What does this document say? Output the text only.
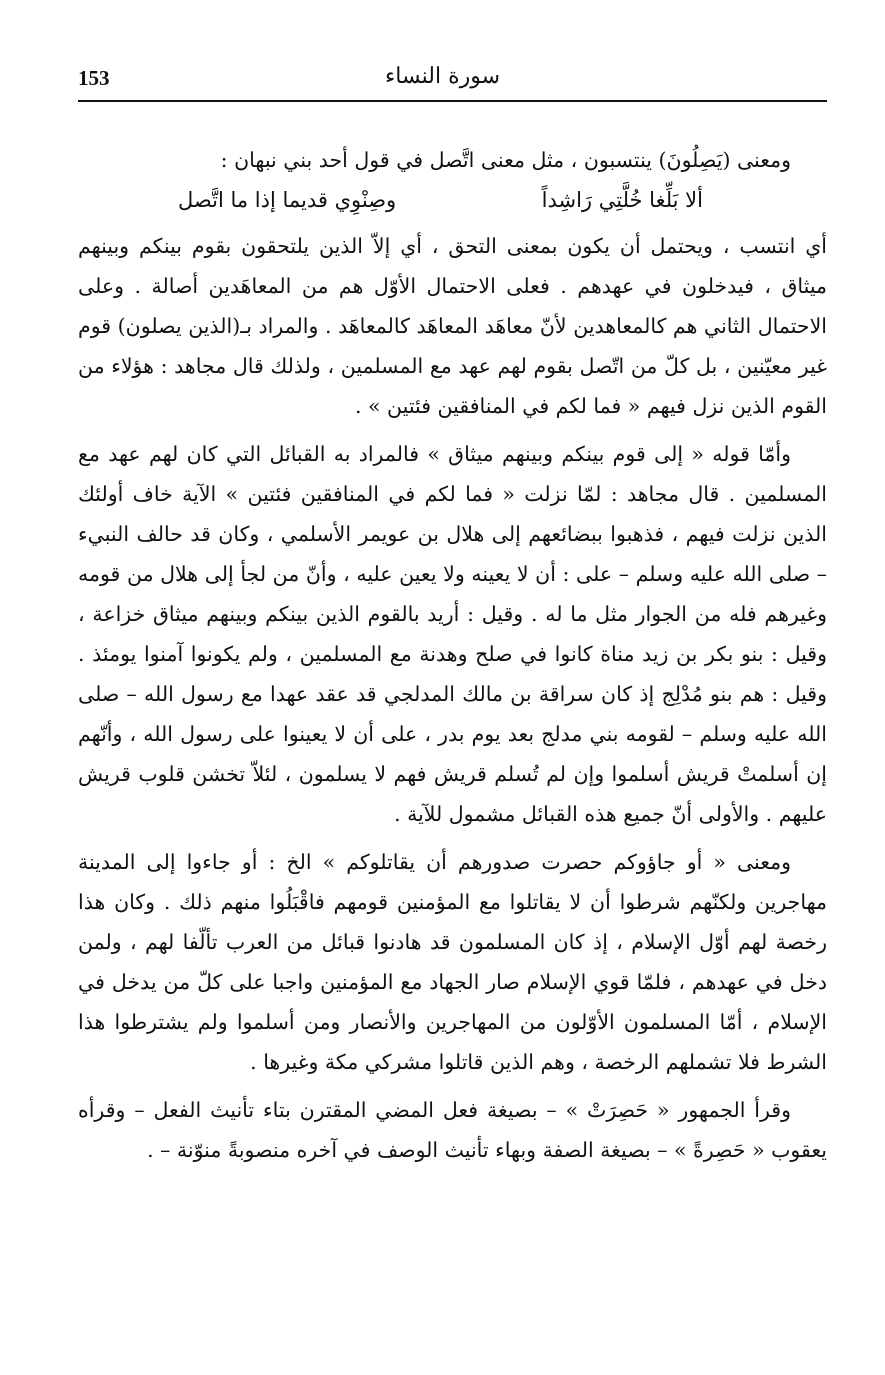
153	سورة النساء

ومعنى (يَصِلُونَ) ينتسبون ، مثل معنى اتَّصل في قول أحد بني نبهان :

ألا بَلِّغا خُلَّتِي رَاشِداً
وصِنْوِي قديما إذا ما اتَّصل

أي انتسب ، ويحتمل أن يكون بمعنى التحق ، أي إلاّ الذين يلتحقون بقوم بينكم وبينهم ميثاق ، فيدخلون في عهدهم . فعلى الاحتمال الأوّل هم من المعاهَدين أصالة . وعلى الاحتمال الثاني هم كالمعاهدين لأنّ معاهَد المعاهَد كالمعاهَد . والمراد بـ(الذين يصلون) قوم غير معيّنين ، بل كلّ من اتّصل بقوم لهم عهد مع المسلمين ، ولذلك قال مجاهد : هؤلاء من القوم الذين نزل فيهم « فما لكم في المنافقين فئتين » .

وأمّا قوله « إلى قوم بينكم وبينهم ميثاق » فالمراد به القبائل التي كان لهم عهد مع المسلمين . قال مجاهد : لمّا نزلت « فما لكم في المنافقين فئتين » الآية خاف أولئك الذين نزلت فيهم ، فذهبوا ببضائعهم إلى هلال بن عويمر الأسلمي ، وكان قد حالف النبيء – صلى الله عليه وسلم – على : أن لا يعينه ولا يعين عليه ، وأنّ من لجأ إلى هلال من قومه وغيرهم فله من الجوار مثل ما له . وقيل : أريد بالقوم الذين بينكم وبينهم ميثاق خزاعة ، وقيل : بنو بكر بن زيد مناة كانوا في صلح وهدنة مع المسلمين ، ولم يكونوا آمنوا يومئذ . وقيل : هم بنو مُدْلِج إذ كان سراقة بن مالك المدلجي قد عقد عهدا مع رسول الله – صلى الله عليه وسلم – لقومه بني مدلج بعد يوم بدر ، على أن لا يعينوا على رسول الله ، وأنّهم إن أسلمتْ قريش أسلموا وإن لم تُسلم قريش فهم لا يسلمون ، لئلاّ تخشن قلوب قريش عليهم . والأولى أنّ جميع هذه القبائل مشمول للآية .

ومعنى « أو جاؤوكم حصرت صدورهم أن يقاتلوكم » الخ : أو جاءوا إلى المدينة مهاجرين ولكنّهم شرطوا أن لا يقاتلوا مع المؤمنين قومهم فاقْبَلُوا منهم ذلك . وكان هذا رخصة لهم أوّل الإسلام ، إذ كان المسلمون قد هادنوا قبائل من العرب تألّفا لهم ، ولمن دخل في عهدهم ، فلمّا قوي الإسلام صار الجهاد مع المؤمنين واجبا على كلّ من يدخل في الإسلام ، أمّا المسلمون الأوّلون من المهاجرين والأنصار ومن أسلموا ولم يشترطوا هذا الشرط فلا تشملهم الرخصة ، وهم الذين قاتلوا مشركي مكة وغيرها .

وقرأ الجمهور « حَصِرَتْ » – بصيغة فعل المضي المقترن بتاء تأنيث الفعل – وقرأه يعقوب « حَصِرةً » – بصيغة الصفة وبهاء تأنيث الوصف في آخره منصوبةً منوّنة – .
